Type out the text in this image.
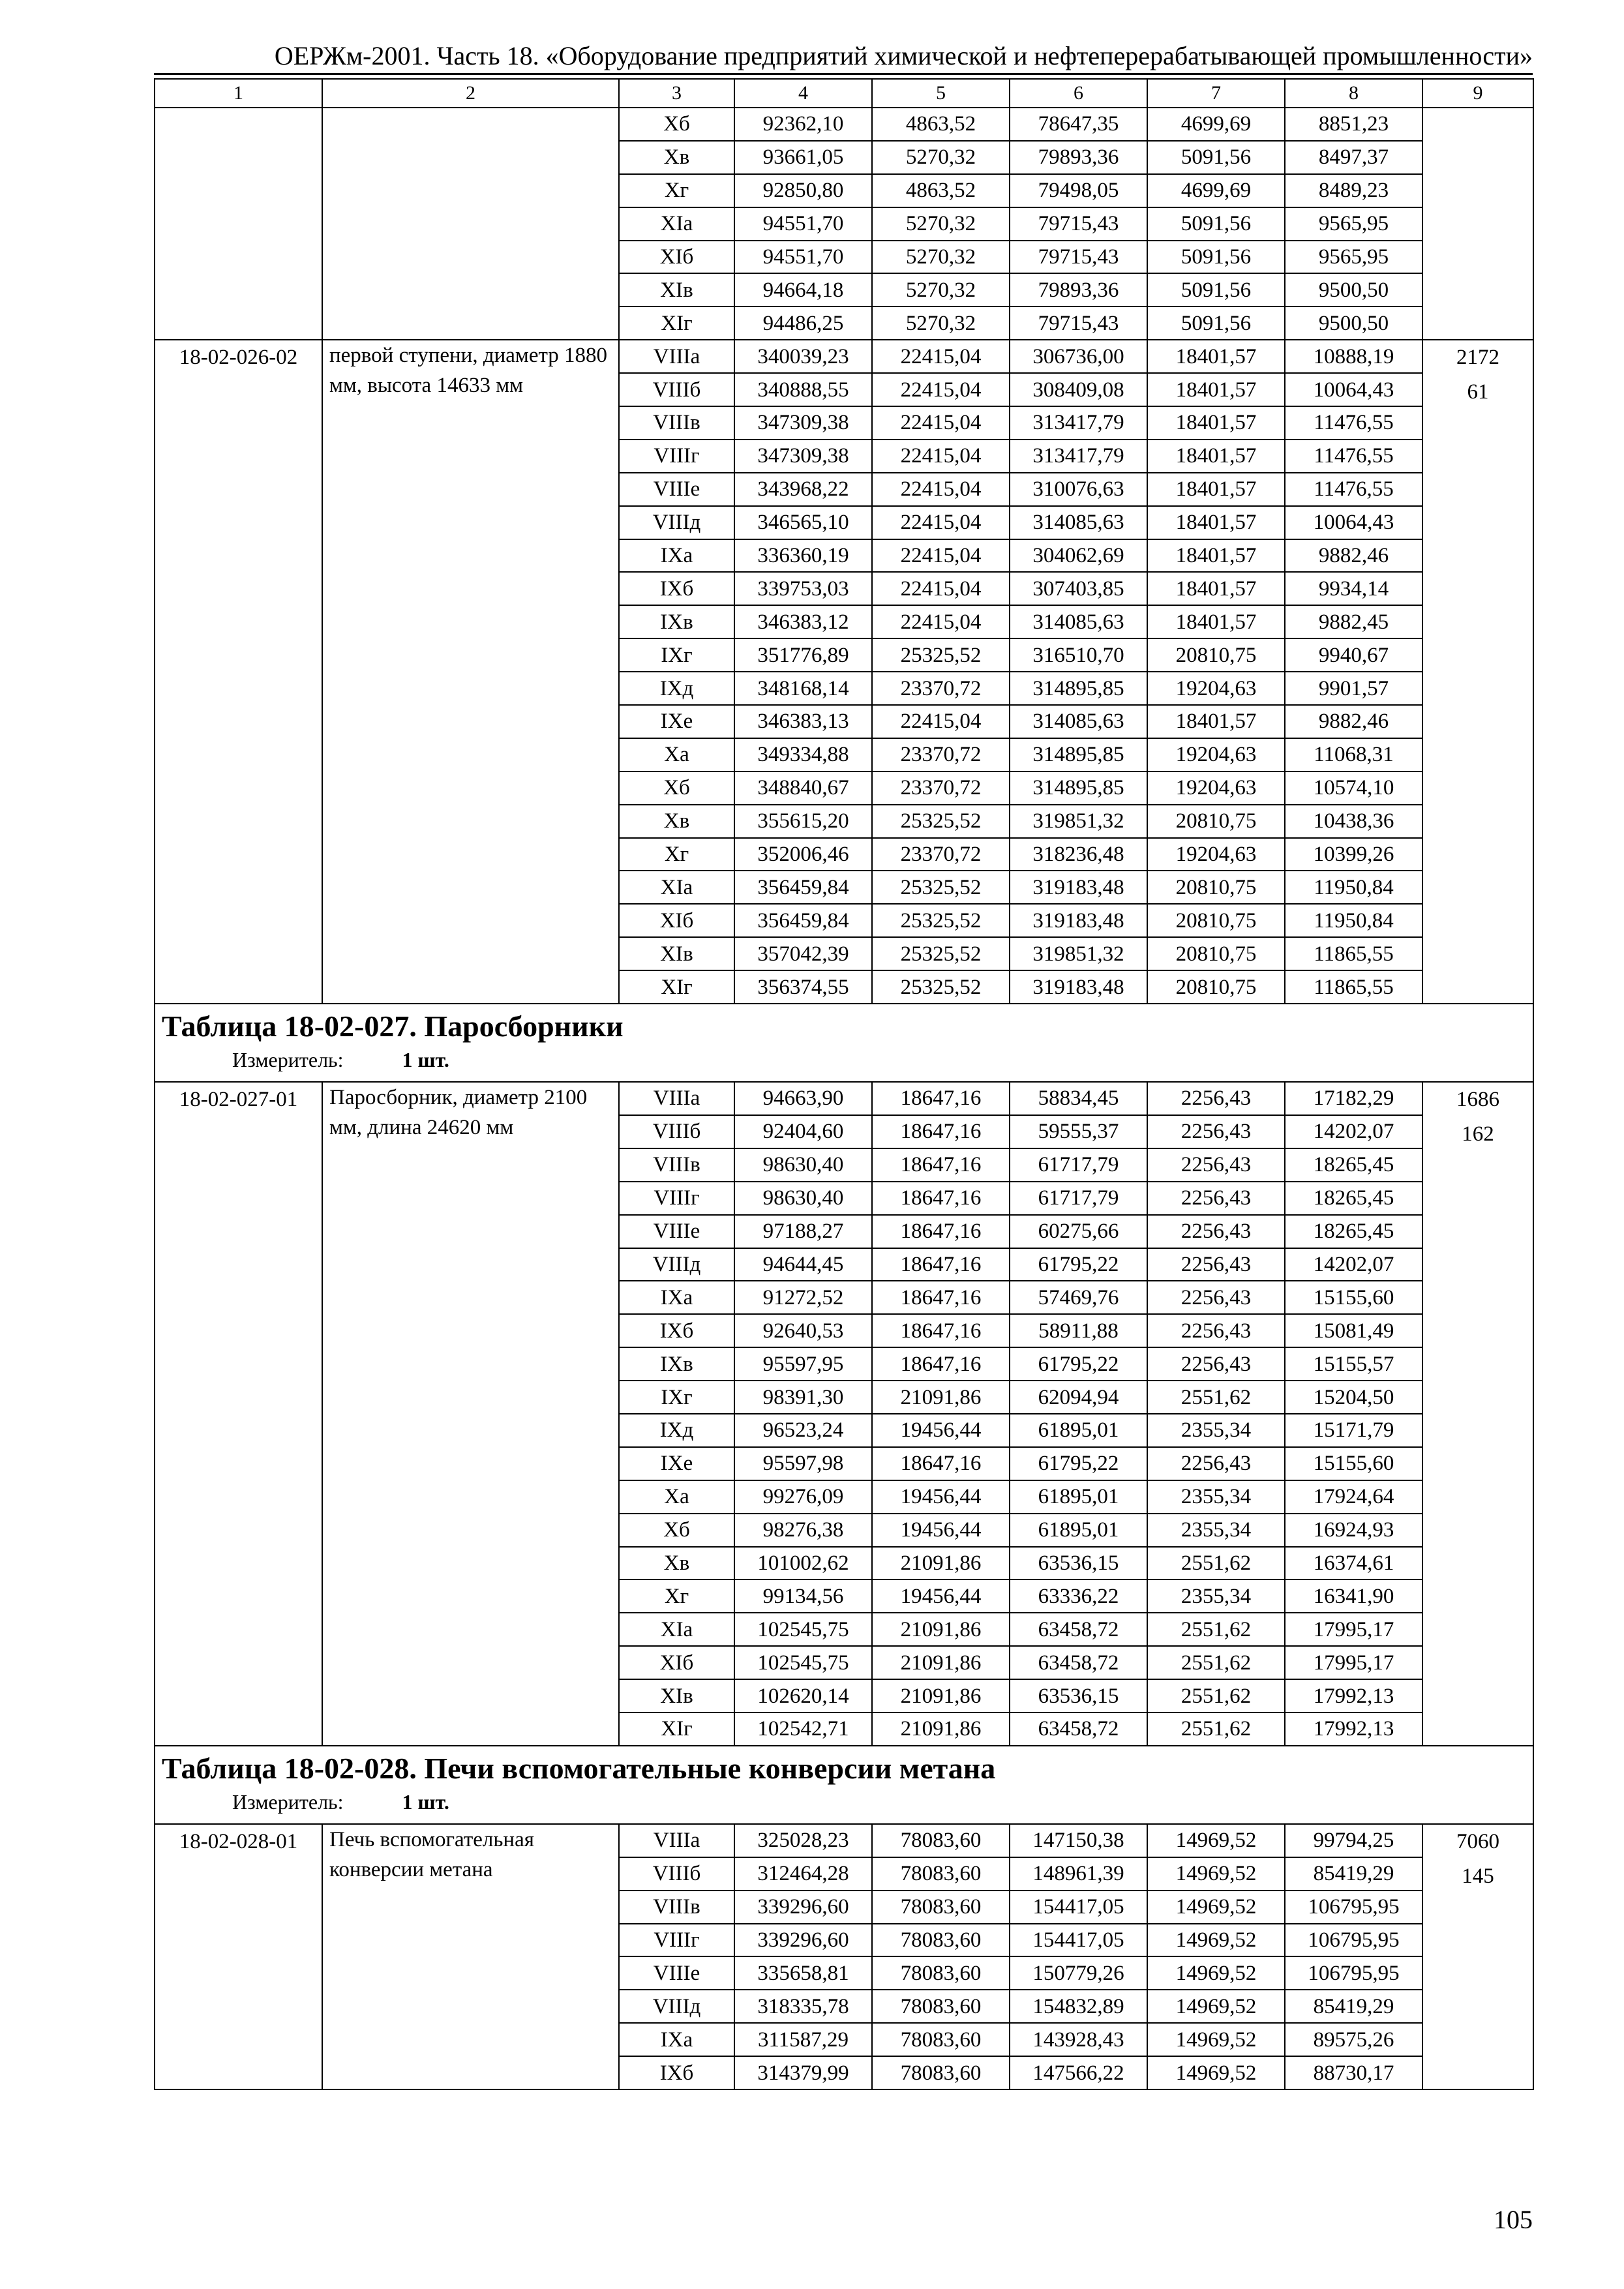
ОЕРЖм-2001. Часть 18. «Оборудование предприятий химической и нефтеперерабатывающей промышленности»
1	2	3	4	5	6	7	8	9
		Xб	92362,10	4863,52	78647,35	4699,69	8851,23	
		Xв	93661,05	5270,32	79893,36	5091,56	8497,37	
		Xг	92850,80	4863,52	79498,05	4699,69	8489,23	
		XIa	94551,70	5270,32	79715,43	5091,56	9565,95	
		XIб	94551,70	5270,32	79715,43	5091,56	9565,95	
		XIв	94664,18	5270,32	79893,36	5091,56	9500,50	
		XIг	94486,25	5270,32	79715,43	5091,56	9500,50	

18-02-026-02	первой ступени, диаметр 1880 мм, высота 14633 мм	VIIIa	340039,23	22415,04	306736,00	18401,57	10888,19	2172
61

		VIIIб	340888,55	22415,04	308409,08	18401,57	10064,43	
		VIIIв	347309,38	22415,04	313417,79	18401,57	11476,55	
		VIIIг	347309,38	22415,04	313417,79	18401,57	11476,55	
		VIIIе	343968,22	22415,04	310076,63	18401,57	11476,55	
		VIIIд	346565,10	22415,04	314085,63	18401,57	10064,43	
		IXa	336360,19	22415,04	304062,69	18401,57	9882,46	
		IXб	339753,03	22415,04	307403,85	18401,57	9934,14	
		IXв	346383,12	22415,04	314085,63	18401,57	9882,45	
		IXг	351776,89	25325,52	316510,70	20810,75	9940,67	
		IXд	348168,14	23370,72	314895,85	19204,63	9901,57	
		IXе	346383,13	22415,04	314085,63	18401,57	9882,46	
		Xa	349334,88	23370,72	314895,85	19204,63	11068,31	
		Xб	348840,67	23370,72	314895,85	19204,63	10574,10	
		Xв	355615,20	25325,52	319851,32	20810,75	10438,36	
		Xг	352006,46	23370,72	318236,48	19204,63	10399,26	
		XIa	356459,84	25325,52	319183,48	20810,75	11950,84	
		XIб	356459,84	25325,52	319183,48	20810,75	11950,84	
		XIв	357042,39	25325,52	319851,32	20810,75	11865,55	
		XIг	356374,55	25325,52	319183,48	20810,75	11865,55	

Таблица 18-02-027. Паросборники
Измеритель: 1 шт.								

18-02-027-01	Паросборник, диаметр 2100 мм, длина 24620 мм	VIIIa	94663,90	18647,16	58834,45	2256,43	17182,29	1686
162

		VIIIб	92404,60	18647,16	59555,37	2256,43	14202,07	
		VIIIв	98630,40	18647,16	61717,79	2256,43	18265,45	
		VIIIг	98630,40	18647,16	61717,79	2256,43	18265,45	
		VIIIе	97188,27	18647,16	60275,66	2256,43	18265,45	
		VIIIд	94644,45	18647,16	61795,22	2256,43	14202,07	
		IXa	91272,52	18647,16	57469,76	2256,43	15155,60	
		IXб	92640,53	18647,16	58911,88	2256,43	15081,49	
		IXв	95597,95	18647,16	61795,22	2256,43	15155,57	
		IXг	98391,30	21091,86	62094,94	2551,62	15204,50	
		IXд	96523,24	19456,44	61895,01	2355,34	15171,79	
		IXе	95597,98	18647,16	61795,22	2256,43	15155,60	
		Xa	99276,09	19456,44	61895,01	2355,34	17924,64	
		Xб	98276,38	19456,44	61895,01	2355,34	16924,93	
		Xв	101002,62	21091,86	63536,15	2551,62	16374,61	
		Xг	99134,56	19456,44	63336,22	2355,34	16341,90	
		XIa	102545,75	21091,86	63458,72	2551,62	17995,17	
		XIб	102545,75	21091,86	63458,72	2551,62	17995,17	
		XIв	102620,14	21091,86	63536,15	2551,62	17992,13	
		XIг	102542,71	21091,86	63458,72	2551,62	17992,13	

Таблица 18-02-028. Печи вспомогательные конверсии метана
Измеритель: 1 шт.								

18-02-028-01	Печь вспомогательная конверсии метана	VIIIa	325028,23	78083,60	147150,38	14969,52	99794,25	7060
145

		VIIIб	312464,28	78083,60	148961,39	14969,52	85419,29	
		VIIIв	339296,60	78083,60	154417,05	14969,52	106795,95	
		VIIIг	339296,60	78083,60	154417,05	14969,52	106795,95	
		VIIIе	335658,81	78083,60	150779,26	14969,52	106795,95	
		VIIIд	318335,78	78083,60	154832,89	14969,52	85419,29	
		IXa	311587,29	78083,60	143928,43	14969,52	89575,26	
		IXб	314379,99	78083,60	147566,22	14969,52	88730,17	
105
